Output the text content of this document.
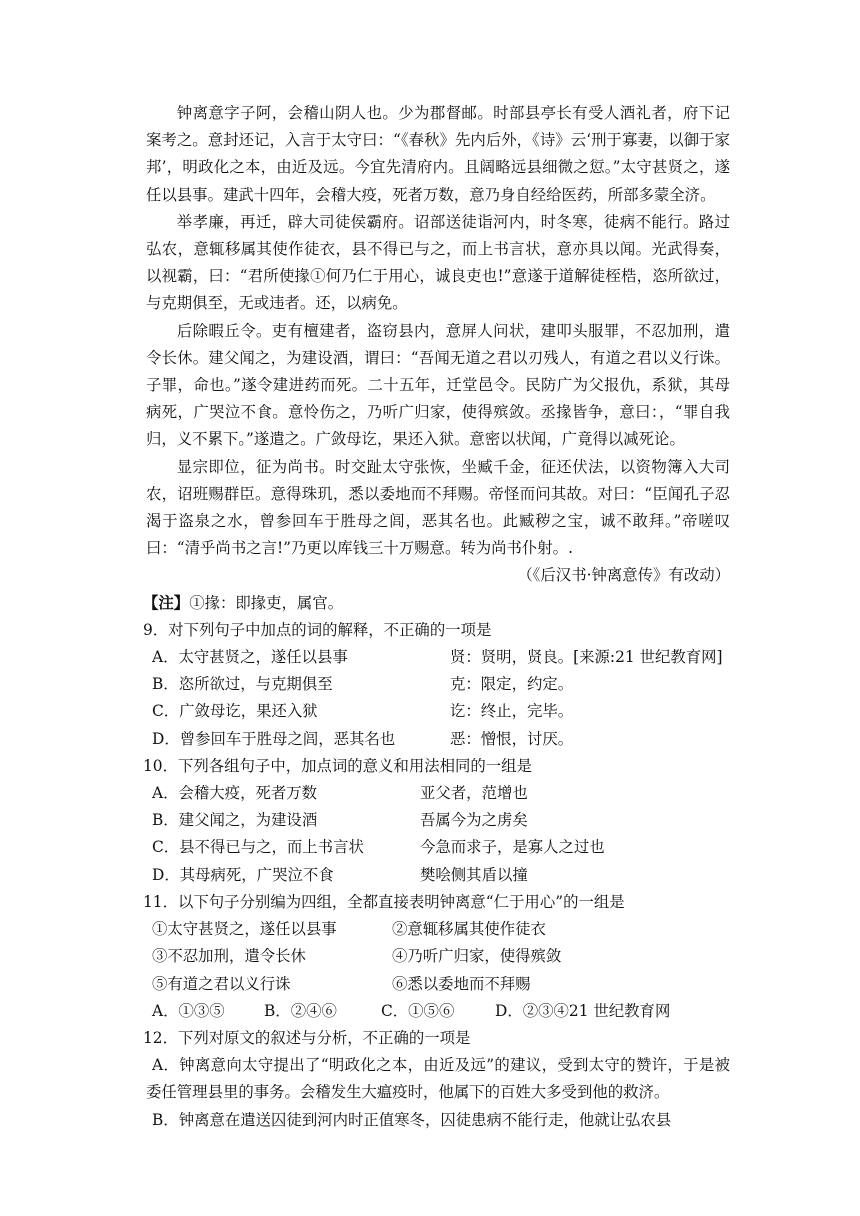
钟离意字子阿，会稽山阴人也。少为郡督邮。时部县亭长有受人酒礼者，府下记案考之。意封还记，入言于太守曰：“《春秋》先内后外，《诗》云‘刑于寡妻，以御于家邦’，明政化之本，由近及远。今宜先清府内。且阔略远县细微之愆。”太守甚贤之，遂任以县事。建武十四年，会稽大疫，死者万数，意乃身自经给医药，所部多蒙全济。

举孝廉，再迁，辟大司徒侯霸府。诏部送徒诣河内，时冬寒，徒病不能行。路过弘农，意辄移属其使作徒衣，县不得已与之，而上书言状，意亦具以闻。光武得奏，以视霸，曰：“君所使掾①何乃仁于用心，诚良吏也!”意遂于道解徒桎梏，恣所欲过，与克期俱至，无或违者。还，以病免。

后除暇丘令。吏有檀建者，盗窃县内，意屏人问状，建叩头服罪，不忍加刑，遣令长休。建父闻之，为建设酒，谓曰：“吾闻无道之君以刃残人，有道之君以义行诛。子罪，命也。”遂令建进药而死。二十五年，迁堂邑令。民防广为父报仇，系狱，其母病死，广哭泣不食。意怜伤之，乃听广归家，使得殡敛。丞掾皆争，意曰：，“罪自我归，义不累下。”遂遣之。广敛母讫，果还入狱。意密以状闻，广竟得以减死论。

显宗即位，征为尚书。时交趾太守张恢，坐臧千金，征还伏法，以资物簿入大司农，诏班赐群臣。意得珠玑，悉以委地而不拜赐。帝怪而问其故。对曰：“臣闻孔子忍渴于盗泉之水，曾参回车于胜母之闾，恶其名也。此臧秽之宝，诚不敢拜。”帝嗟叹曰：“清乎尚书之言!”乃更以库钱三十万赐意。转为尚书仆射。.

（《后汉书·钟离意传》有改动）

【注】①掾：即掾吏，属官。

9．对下列句子中加点的词的解释，不正确的一项是

A．太守甚贤之，遂任以县事	贤：贤明，贤良。[来源:21 世纪教育网]

B．恣所欲过，与克期俱至	克：限定，约定。
C．广敛母讫，果还入狱	讫：终止，完毕。
D．曾参回车于胜母之闾，恶其名也	恶：憎恨，讨厌。

10．下列各组句子中，加点词的意义和用法相同的一组是

A．会稽大疫，死者万数	亚父者，范增也
B．建父闻之，为建设酒	吾属今为之虏矣
C．县不得已与之，而上书言状	今急而求子，是寡人之过也
D．其母病死，广哭泣不食	樊哙侧其盾以撞

11．以下句子分别编为四组，全都直接表明钟离意“仁于用心”的一组是

①太守甚贤之，遂任以县事	②意辄移属其使作徒衣
③不忍加刑，遣令长休	④乃听广归家，使得殡敛
⑤有道之君以义行诛	⑥悉以委地而不拜赐

A．①③⑤	B．②④⑥	C．①⑤⑥	D．②③④21 世纪教育网

12．下列对原文的叙述与分析，不正确的一项是

A．钟离意向太守提出了“明政化之本，由近及远”的建议，受到太守的赞许，于是被委任管理县里的事务。会稽发生大瘟疫时，他属下的百姓大多受到他的救济。

B．钟离意在遣送囚徒到河内时正值寒冬，囚徒患病不能行走，他就让弘农县
